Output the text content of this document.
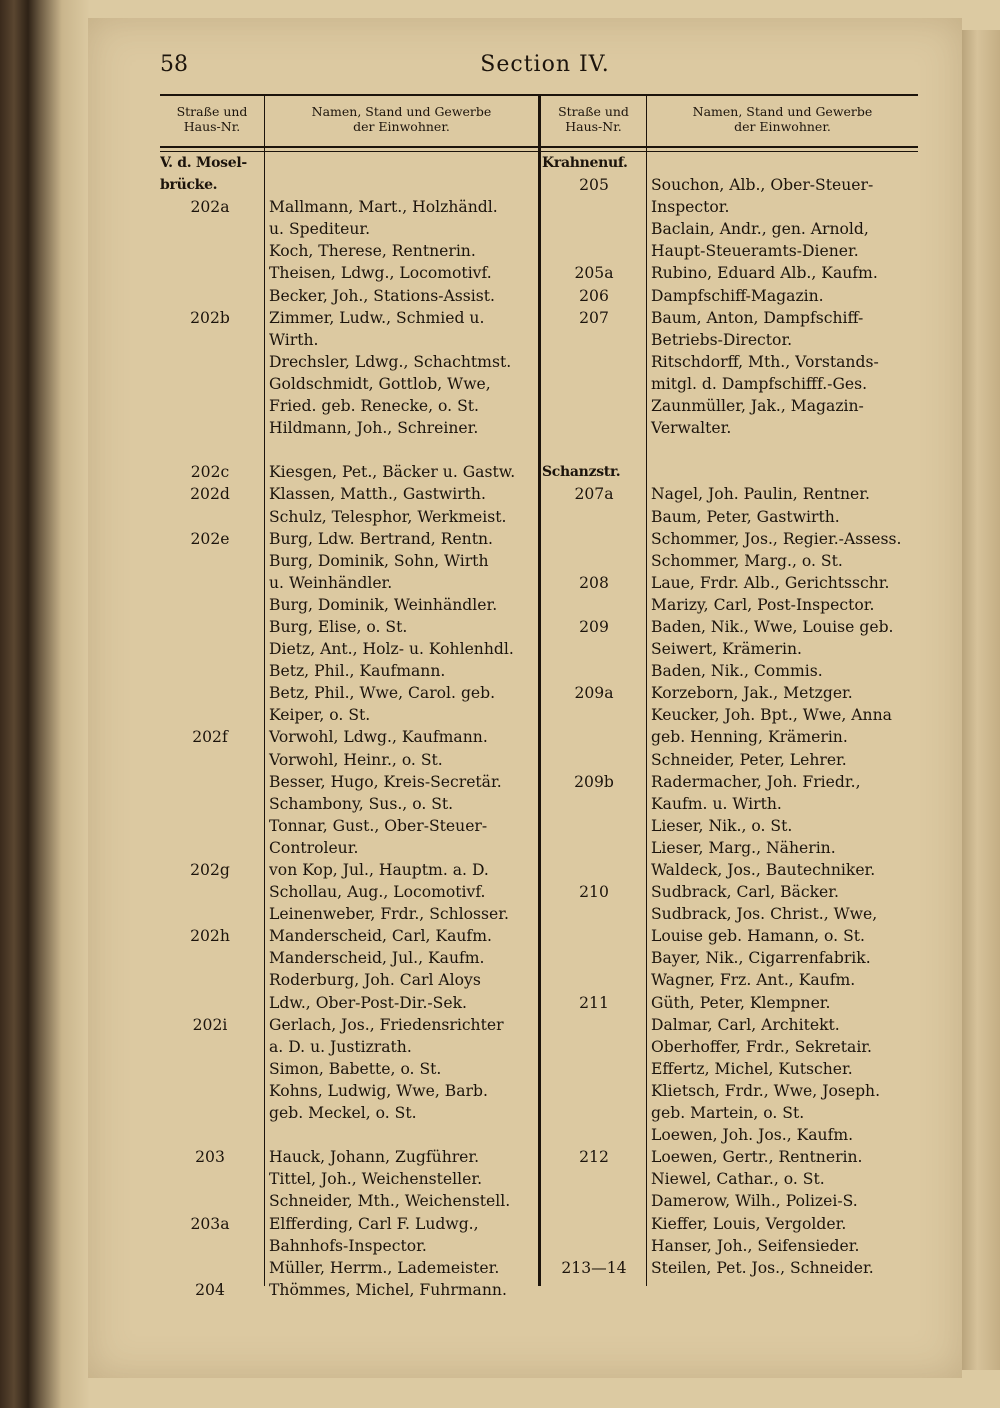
58	Section IV.
Straße und
Haus-Nr.
Namen, Stand und Gewerbe
der Einwohner.
Straße und
Haus-Nr.
Namen, Stand und Gewerbe
der Einwohner.
V. d. Mosel-
brücke.
202a
202b
202c
202d
202e
202f
202g
202h
202i
203
203a
204
Mallmann, Mart., Holzhändl.
u. Spediteur.
Koch, Therese, Rentnerin.
Theisen, Ldwg., Locomotivf.
Becker, Joh., Stations-Assist.
Zimmer, Ludw., Schmied u.
Wirth.
Drechsler, Ldwg., Schachtmst.
Goldschmidt, Gottlob, Wwe,
Fried. geb. Renecke, o. St.
Hildmann, Joh., Schreiner.
Kiesgen, Pet., Bäcker u. Gastw.
Klassen, Matth., Gastwirth.
Schulz, Telesphor, Werkmeist.
Burg, Ldw. Bertrand, Rentn.
Burg, Dominik, Sohn, Wirth
u. Weinhändler.
Burg, Dominik, Weinhändler.
Burg, Elise, o. St.
Dietz, Ant., Holz- u. Kohlenhdl.
Betz, Phil., Kaufmann.
Betz, Phil., Wwe, Carol. geb.
Keiper, o. St.
Vorwohl, Ldwg., Kaufmann.
Vorwohl, Heinr., o. St.
Besser, Hugo, Kreis-Secretär.
Schambony, Sus., o. St.
Tonnar, Gust., Ober-Steuer-
Controleur.
von Kop, Jul., Hauptm. a. D.
Schollau, Aug., Locomotivf.
Leinenweber, Frdr., Schlosser.
Manderscheid, Carl, Kaufm.
Manderscheid, Jul., Kaufm.
Roderburg, Joh. Carl Aloys
Ldw., Ober-Post-Dir.-Sek.
Gerlach, Jos., Friedensrichter
a. D. u. Justizrath.
Simon, Babette, o. St.
Kohns, Ludwig, Wwe, Barb.
geb. Meckel, o. St.
Hauck, Johann, Zugführer.
Tittel, Joh., Weichensteller.
Schneider, Mth., Weichenstell.
Elfferding, Carl F. Ludwg.,
Bahnhofs-Inspector.
Müller, Herrm., Lademeister.
Thömmes, Michel, Fuhrmann.
Krahnenuf.
205
205a
206
207
Schanzstr.
207a
208
209
209a
209b
210
211
212
213—14
Souchon, Alb., Ober-Steuer-
Inspector.
Baclain, Andr., gen. Arnold,
Haupt-Steueramts-Diener.
Rubino, Eduard Alb., Kaufm.
Dampfschiff-Magazin.
Baum, Anton, Dampfschiff-
Betriebs-Director.
Ritschdorff, Mth., Vorstands-
mitgl. d. Dampfschifff.-Ges.
Zaunmüller, Jak., Magazin-
Verwalter.
Nagel, Joh. Paulin, Rentner.
Baum, Peter, Gastwirth.
Schommer, Jos., Regier.-Assess.
Schommer, Marg., o. St.
Laue, Frdr. Alb., Gerichtsschr.
Marizy, Carl, Post-Inspector.
Baden, Nik., Wwe, Louise geb.
Seiwert, Krämerin.
Baden, Nik., Commis.
Korzeborn, Jak., Metzger.
Keucker, Joh. Bpt., Wwe, Anna
geb. Henning, Krämerin.
Schneider, Peter, Lehrer.
Radermacher, Joh. Friedr.,
Kaufm. u. Wirth.
Lieser, Nik., o. St.
Lieser, Marg., Näherin.
Waldeck, Jos., Bautechniker.
Sudbrack, Carl, Bäcker.
Sudbrack, Jos. Christ., Wwe,
Louise geb. Hamann, o. St.
Bayer, Nik., Cigarrenfabrik.
Wagner, Frz. Ant., Kaufm.
Güth, Peter, Klempner.
Dalmar, Carl, Architekt.
Oberhoffer, Frdr., Sekretair.
Effertz, Michel, Kutscher.
Klietsch, Frdr., Wwe, Joseph.
geb. Martein, o. St.
Loewen, Joh. Jos., Kaufm.
Loewen, Gertr., Rentnerin.
Niewel, Cathar., o. St.
Damerow, Wilh., Polizei-S.
Kieffer, Louis, Vergolder.
Hanser, Joh., Seifensieder.
Steilen, Pet. Jos., Schneider.
